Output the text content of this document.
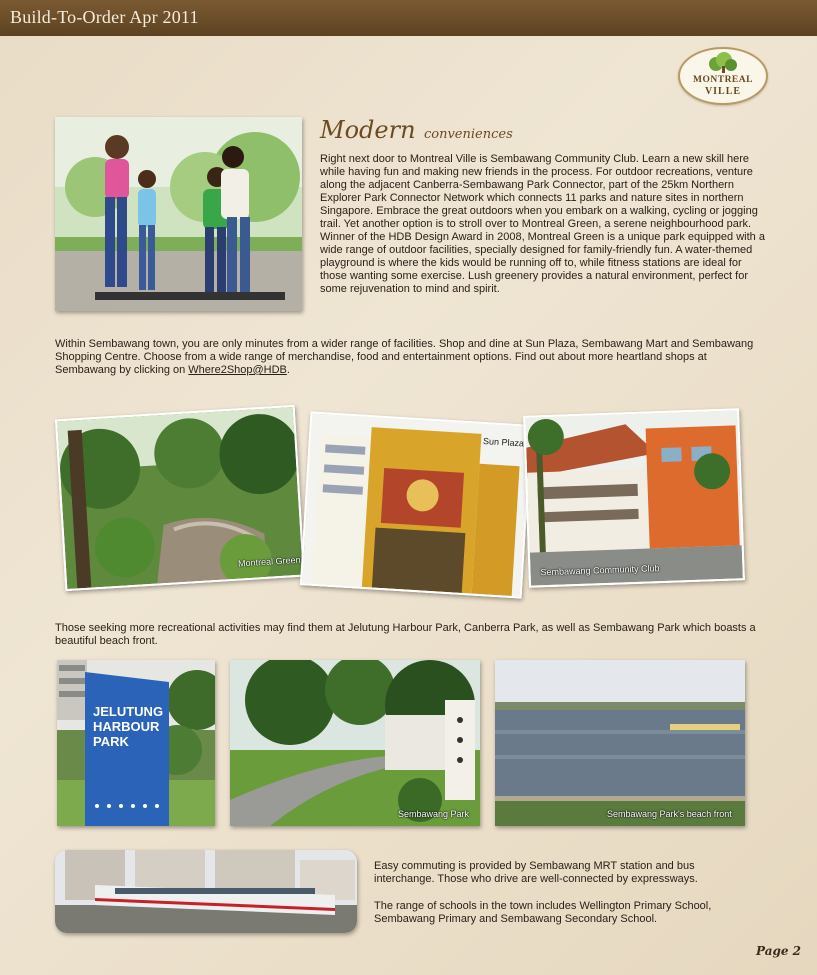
Build-To-Order Apr 2011
MONTREAL
VILLE
Modern conveniences
Right next door to Montreal Ville is Sembawang Community Club. Learn a new skill here while having fun and making new friends in the process. For outdoor recreations, venture along the adjacent Canberra-Sembawang Park Connector, part of the 25km Northern Explorer Park Connector Network which connects 11 parks and nature sites in northern Singapore. Embrace the great outdoors when you embark on a walking, cycling or jogging trail. Yet another option is to stroll over to Montreal Green, a serene neighbourhood park. Winner of the HDB Design Award in 2008, Montreal Green is a unique park equipped with a wide range of outdoor facilities, specially designed for family-friendly fun. A water-themed playground is where the kids would be running off to, while fitness stations are ideal for those wanting some exercise. Lush greenery provides a natural environment, perfect for some rejuvenation to mind and spirit.
Within Sembawang town, you are only minutes from a wider range of facilities. Shop and dine at Sun Plaza, Sembawang Mart and Sembawang Shopping Centre. Choose from a wide range of merchandise, food and entertainment options. Find out about more heartland shops at Sembawang by clicking on Where2Shop@HDB.
Montreal Green
Sun Plaza
Sembawang Community Club
Those seeking more recreational activities may find them at Jelutung Harbour Park, Canberra Park, as well as Sembawang Park which boasts a beautiful beach front.
JELUTUNG
HARBOUR
PARK
Sembawang Park	Sembawang Park's beach front
Easy commuting is provided by Sembawang MRT station and bus interchange. Those who drive are well-connected by expressways.
The range of schools in the town includes Wellington Primary School, Sembawang Primary and Sembawang Secondary School.
Page 2
